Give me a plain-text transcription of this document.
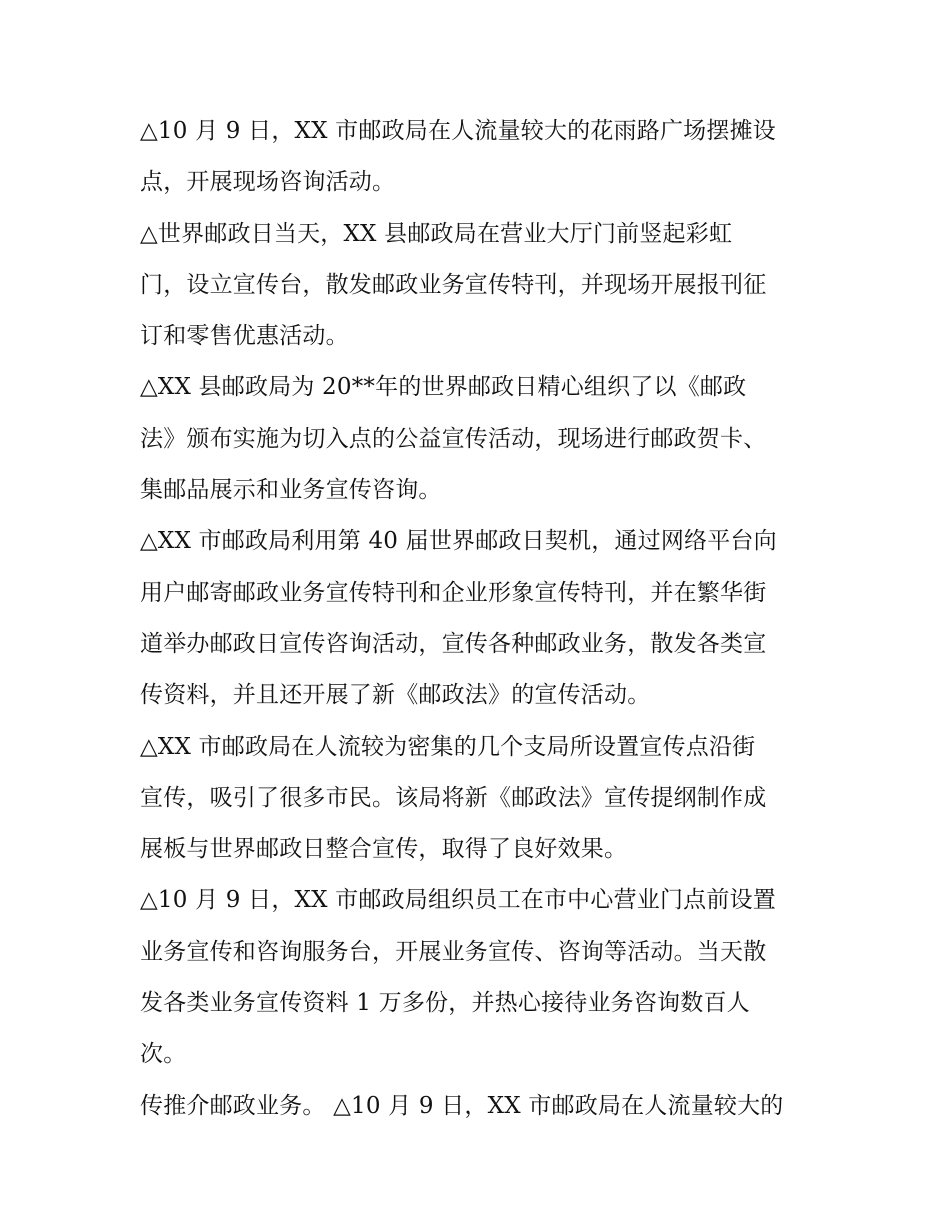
△10 月 9 日，XX 市邮政局在人流量较大的花雨路广场摆摊设
点，开展现场咨询活动。
△世界邮政日当天，XX 县邮政局在营业大厅门前竖起彩虹
门，设立宣传台，散发邮政业务宣传特刊，并现场开展报刊征
订和零售优惠活动。
△XX 县邮政局为 20**年的世界邮政日精心组织了以《邮政
法》颁布实施为切入点的公益宣传活动，现场进行邮政贺卡、
集邮品展示和业务宣传咨询。
△XX 市邮政局利用第 40 届世界邮政日契机，通过网络平台向
用户邮寄邮政业务宣传特刊和企业形象宣传特刊，并在繁华街
道举办邮政日宣传咨询活动，宣传各种邮政业务，散发各类宣
传资料，并且还开展了新《邮政法》的宣传活动。
△XX 市邮政局在人流较为密集的几个支局所设置宣传点沿街
宣传，吸引了很多市民。该局将新《邮政法》宣传提纲制作成
展板与世界邮政日整合宣传，取得了良好效果。
△10 月 9 日，XX 市邮政局组织员工在市中心营业门点前设置
业务宣传和咨询服务台，开展业务宣传、咨询等活动。当天散
发各类业务宣传资料 1 万多份，并热心接待业务咨询数百人
次。
传推介邮政业务。 △10 月 9 日，XX 市邮政局在人流量较大的
